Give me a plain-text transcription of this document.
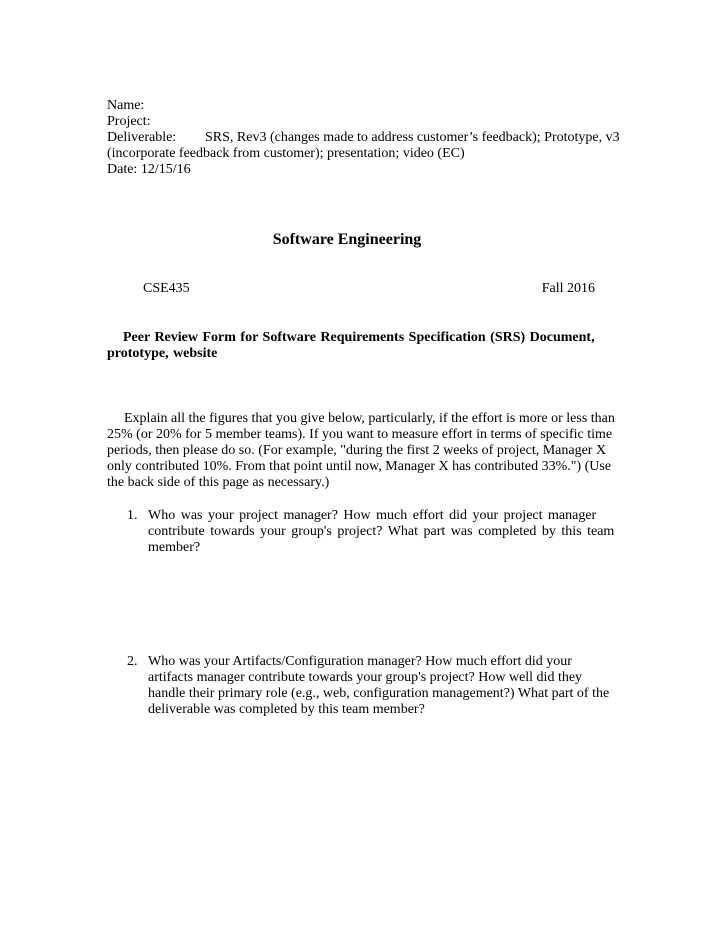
Name:
Project:
Deliverable: SRS, Rev3 (changes made to address customer’s feedback); Prototype, v3
(incorporate feedback from customer); presentation; video (EC)
Date: 12/15/16
Software Engineering
CSE435	Fall 2016
Peer Review Form for Software Requirements Specification (SRS) Document, prototype, website
Explain all the figures that you give below, particularly, if the effort is more or less than 25% (or 20% for 5 member teams). If you want to measure effort in terms of specific time periods, then please do so. (For example, "during the first 2 weeks of project, Manager X only contributed 10%. From that point until now, Manager X has contributed 33%.") (Use the back side of this page as necessary.)
1. Who was your project manager? How much effort did your project manager contribute towards your group's project? What part was completed by this team member?
2. Who was your Artifacts/Configuration manager? How much effort did your artifacts manager contribute towards your group's project? How well did they handle their primary role (e.g., web, configuration management?) What part of the deliverable was completed by this team member?
